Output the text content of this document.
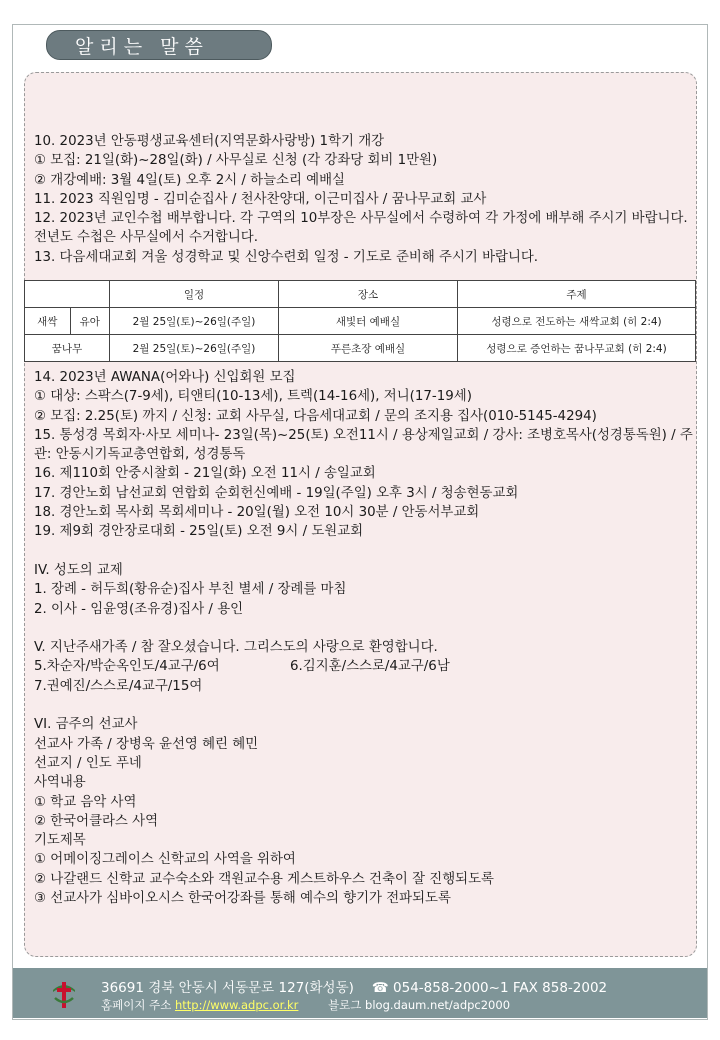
알리는 말씀

10. 2023년 안동평생교육센터(지역문화사랑방) 1학기 개강

① 모집: 21일(화)~28일(화) / 사무실로 신청 (각 강좌당 회비 1만원)

② 개강예배: 3월 4일(토) 오후 2시 / 하늘소리 예배실

11. 2023 직원임명 - 김미순집사 / 천사찬양대, 이근미집사 / 꿈나무교회 교사

12. 2023년 교인수첩 배부합니다. 각 구역의 10부장은 사무실에서 수령하여 각 가정에 배부해 주시기 바랍니다. 전년도 수첩은 사무실에서 수거합니다.

13. 다음세대교회 겨울 성경학교 및 신앙수련회 일정 - 기도로 준비해 주시기 바랍니다.

		일정	장소	주제
새싹	유아	2월 25일(토)~26일(주일)	새빛터 예배실	성령으로 전도하는 새싹교회 (히 2:4)
꿈나무		2월 25일(토)~26일(주일)	푸른초장 예배실	성령으로 증언하는 꿈나무교회 (히 2:4)

14. 2023년 AWANA(어와나) 신입회원 모집

① 대상: 스팍스(7-9세), 티앤티(10-13세), 트렉(14-16세), 저니(17-19세)

② 모집: 2.25(토) 까지 / 신청: 교회 사무실, 다음세대교회 / 문의 조지용 집사(010-5145-4294)

15. 통성경 목회자·사모 세미나- 23일(목)~25(토) 오전11시 / 용상제일교회 / 강사: 조병호목사(성경통독원) / 주관: 안동시기독교총연합회, 성경통독

16. 제110회 안중시찰회 - 21일(화) 오전 11시 / 송일교회

17. 경안노회 남선교회 연합회 순회헌신예배 - 19일(주일) 오후 3시 / 청송현동교회

18. 경안노회 목사회 목회세미나 - 20일(월) 오전 10시 30분 / 안동서부교회

19. 제9회 경안장로대회 - 25일(토) 오전 9시 / 도원교회

IV. 성도의 교제

1. 장례 - 허두희(황유순)집사 부친 별세 / 장례를 마침

2. 이사 - 임윤영(조유경)집사 / 용인

V. 지난주새가족 / 참 잘오셨습니다. 그리스도의 사랑으로 환영합니다.

5.차순자/박순옥인도/4교구/6여	6.김지훈/스스로/4교구/6남

7.권예진/스스로/4교구/15여

VI. 금주의 선교사

선교사 가족 / 장병욱 윤선영 혜린 혜민

선교지 / 인도 푸네

사역내용

① 학교 음악 사역

② 한국어클라스 사역

기도제목

① 어메이징그레이스 신학교의 사역을 위하여

② 나갈랜드 신학교 교수숙소와 객원교수용 게스트하우스 건축이 잘 진행되도록

③ 선교사가 심바이오시스 한국어강좌를 통해 예수의 향기가 전파되도록

36691 경북 안동시 서동문로 127(화성동) ☎ 054-858-2000~1 FAX 858-2002
홈페이지 주소 http://www.adpc.or.kr	블로그 blog.daum.net/adpc2000
